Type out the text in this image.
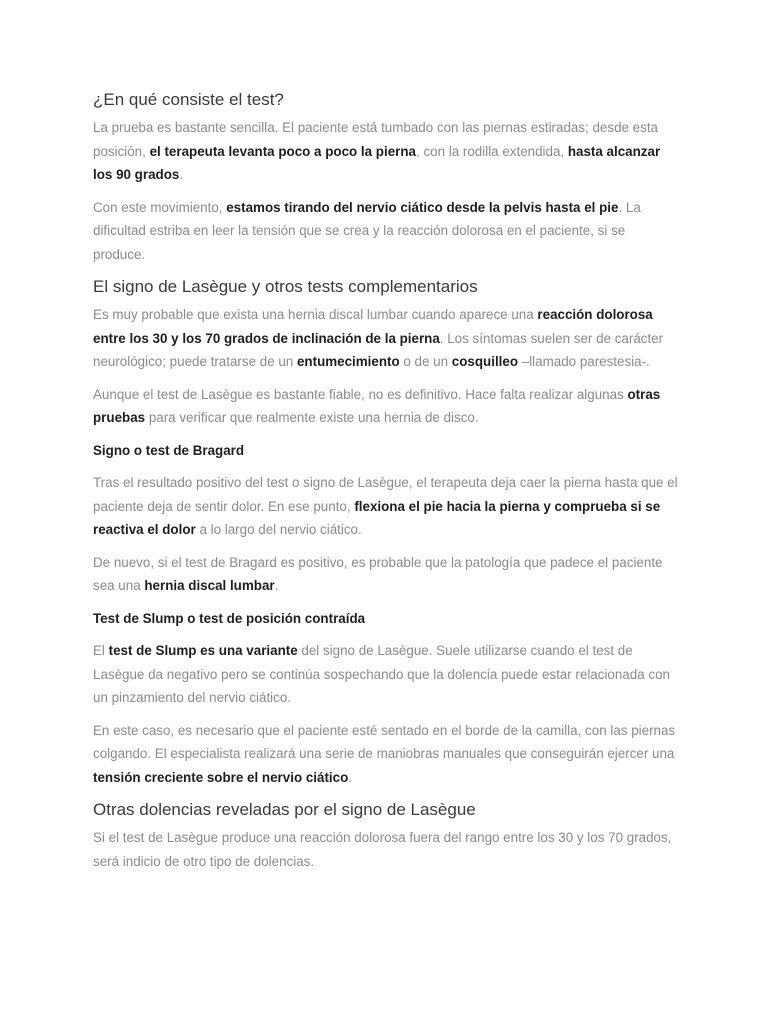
¿En qué consiste el test?

La prueba es bastante sencilla. El paciente está tumbado con las piernas estiradas; desde esta posición, el terapeuta levanta poco a poco la pierna, con la rodilla extendida, hasta alcanzar los 90 grados.

Con este movimiento, estamos tirando del nervio ciático desde la pelvis hasta el pie. La dificultad estriba en leer la tensión que se crea y la reacción dolorosa en el paciente, si se produce.

El signo de Lasègue y otros tests complementarios

Es muy probable que exista una hernia discal lumbar cuando aparece una reacción dolorosa entre los 30 y los 70 grados de inclinación de la pierna. Los síntomas suelen ser de carácter neurológico; puede tratarse de un entumecimiento o de un cosquilleo –llamado parestesia-.

Aunque el test de Lasègue es bastante fiable, no es definitivo. Hace falta realizar algunas otras pruebas para verificar que realmente existe una hernia de disco.

Signo o test de Bragard

Tras el resultado positivo del test o signo de Lasègue, el terapeuta deja caer la pierna hasta que el paciente deja de sentir dolor. En ese punto, flexiona el pie hacia la pierna y comprueba si se reactiva el dolor a lo largo del nervio ciático.

De nuevo, si el test de Bragard es positivo, es probable que la patología que padece el paciente sea una hernia discal lumbar.

Test de Slump o test de posición contraída

El test de Slump es una variante del signo de Lasègue. Suele utilizarse cuando el test de Lasègue da negativo pero se continúa sospechando que la dolencia puede estar relacionada con un pinzamiento del nervio ciático.

En este caso, es necesario que el paciente esté sentado en el borde de la camilla, con las piernas colgando. El especialista realizará una serie de maniobras manuales que conseguirán ejercer una tensión creciente sobre el nervio ciático.

Otras dolencias reveladas por el signo de Lasègue

Si el test de Lasègue produce una reacción dolorosa fuera del rango entre los 30 y los 70 grados, será indicio de otro tipo de dolencias.
